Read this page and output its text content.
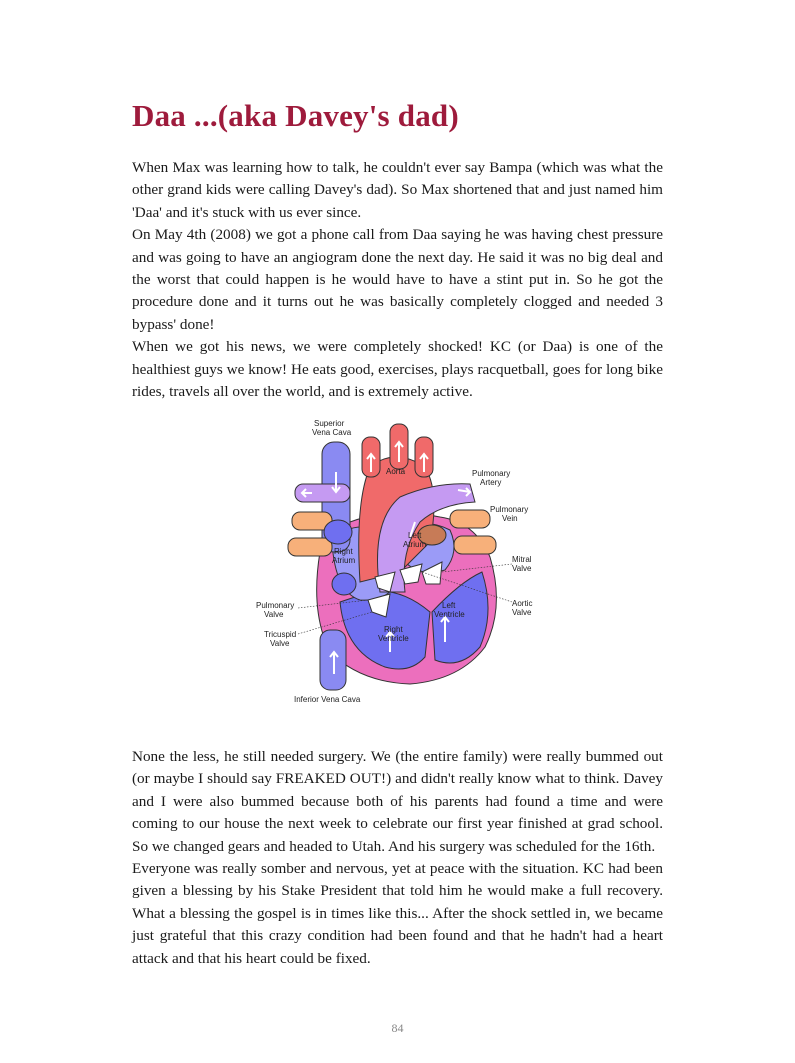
Daa ...(aka Davey's dad)

When Max was learning how to talk, he couldn't ever say Bampa (which was what the other grand kids were calling Davey's dad). So Max shortened that and just named him 'Daa' and it's stuck with us ever since.

On May 4th (2008) we got a phone call from Daa saying he was having chest pressure and was going to have an angiogram done the next day. He said it was no big deal and the worst that could happen is he would have to have a stint put in. So he got the procedure done and it turns out he was basically completely clogged and needed 3 bypass' done!

When we got his news, we were completely shocked! KC (or Daa) is one of the healthiest guys we know! He eats good, exercises, plays racquetball, goes for long bike rides, travels all over the world, and is extremely active.

Superior
Vena Cava
Aorta	Pulmonary
Artery
Pulmonary
Vein
Left
Atrium
Right
Atrium	Mitral
Valve
Pulmonary
Valve
Aortic
Valve
Left
Ventricle
Right
Ventricle
Tricuspid
Valve
Inferior Vena Cava

None the less, he still needed surgery. We (the entire family) were really bummed out (or maybe I should say FREAKED OUT!) and didn't really know what to think. Davey and I were also bummed because both of his parents had found a time and were coming to our house the next week to celebrate our first year finished at grad school. So we changed gears and headed to Utah. And his surgery was scheduled for the 16th.

Everyone was really somber and nervous, yet at peace with the situation. KC had been given a blessing by his Stake President that told him he would make a full recovery. What a blessing the gospel is in times like this... After the shock settled in, we became just grateful that this crazy condition had been found and that he hadn't had a heart attack and that his heart could be fixed.

84
